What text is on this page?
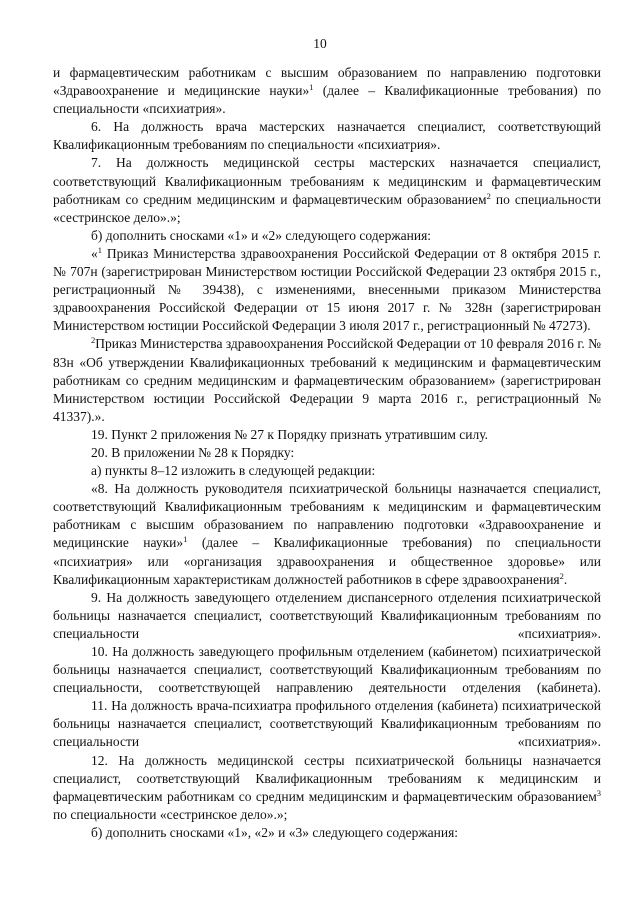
10

и фармацевтическим работникам с высшим образованием по направлению подготовки «Здравоохранение и медицинские науки»$^1$ (далее – Квалификационные требования) по специальности «психиатрия».

6. На должность врача мастерских назначается специалист, соответствующий Квалификационным требованиям по специальности «психиатрия».

7. На должность медицинской сестры мастерских назначается специалист, соответствующий Квалификационным требованиям к медицинским и фармацевтическим работникам со средним медицинским и фармацевтическим образованием$^2$ по специальности «сестринское дело».»;

б) дополнить сносками «1» и «2» следующего содержания:

«$^1$ Приказ Министерства здравоохранения Российской Федерации от 8 октября 2015 г. № 707н (зарегистрирован Министерством юстиции Российской Федерации 23 октября 2015 г., регистрационный № 39438), с изменениями, внесенными приказом Министерства здравоохранения Российской Федерации от 15 июня 2017 г. № 328н (зарегистрирован Министерством юстиции Российской Федерации 3 июля 2017 г., регистрационный № 47273).

$^2$Приказ Министерства здравоохранения Российской Федерации от 10 февраля 2016 г. № 83н «Об утверждении Квалификационных требований к медицинским и фармацевтическим работникам со средним медицинским и фармацевтическим образованием» (зарегистрирован Министерством юстиции Российской Федерации 9 марта 2016 г., регистрационный № 41337).».

19. Пункт 2 приложения № 27 к Порядку признать утратившим силу.

20. В приложении № 28 к Порядку:

а) пункты 8–12 изложить в следующей редакции:

«8. На должность руководителя психиатрической больницы назначается специалист, соответствующий Квалификационным требованиям к медицинским и фармацевтическим работникам с высшим образованием по направлению подготовки «Здравоохранение и медицинские науки»$^1$ (далее – Квалификационные требования) по специальности «психиатрия» или «организация здравоохранения и общественное здоровье» или Квалификационным характеристикам должностей работников в сфере здравоохранения$^2$.

9. На должность заведующего отделением диспансерного отделения психиатрической больницы назначается специалист, соответствующий Квалификационным требованиям по специальности «психиатрия».

10. На должность заведующего профильным отделением (кабинетом) психиатрической больницы назначается специалист, соответствующий Квалификационным требованиям по специальности, соответствующей направлению деятельности отделения (кабинета).

11. На должность врача-психиатра профильного отделения (кабинета) психиатрической больницы назначается специалист, соответствующий Квалификационным требованиям по специальности «психиатрия».

12. На должность медицинской сестры психиатрической больницы назначается специалист, соответствующий Квалификационным требованиям к медицинским и фармацевтическим работникам со средним медицинским и фармацевтическим образованием$^3$ по специальности «сестринское дело».»;

б) дополнить сносками «1», «2» и «3» следующего содержания:
